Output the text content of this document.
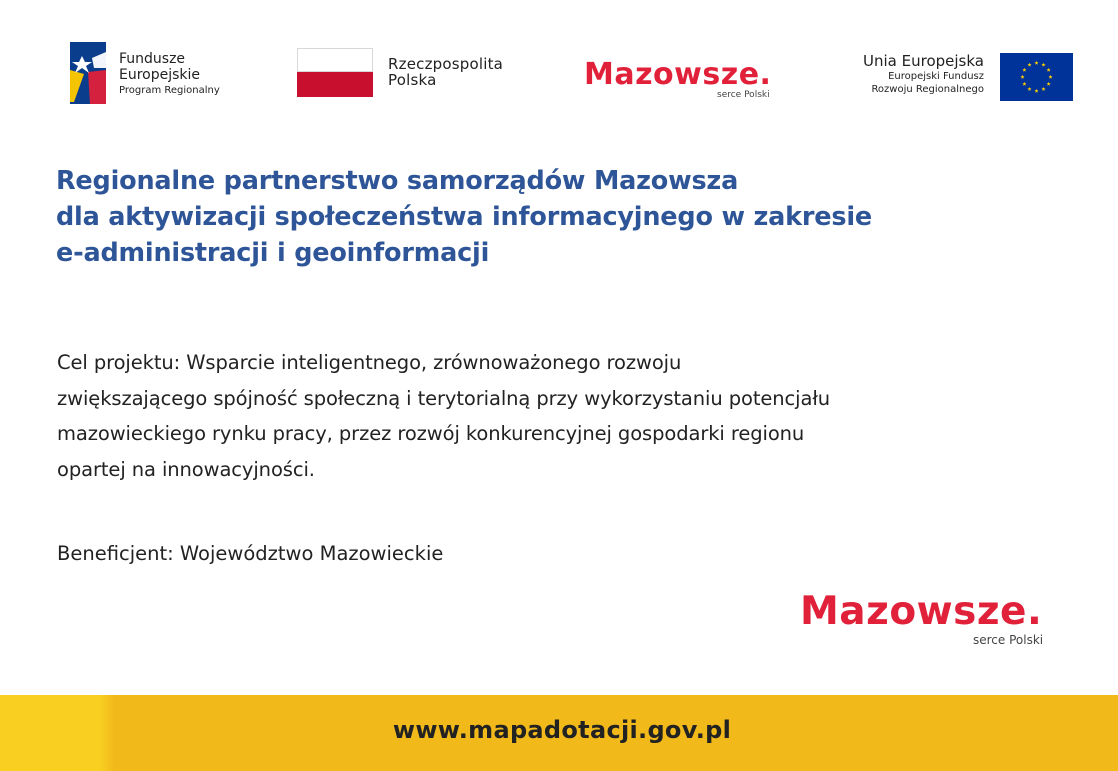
Fundusze
Europejskie
Program Regionalny
Rzeczpospolita
Polska	Mazowsze.
serce Polski
Unia Europejska
Europejski Fundusz
Rozwoju Regionalnego
Regionalne partnerstwo samorządów Mazowsza
dla aktywizacji społeczeństwa informacyjnego w zakresie
e-administracji i geoinformacji
Cel projektu: Wsparcie inteligentnego, zrównoważonego rozwoju
zwiększającego spójność społeczną i terytorialną przy wykorzystaniu potencjału
mazowieckiego rynku pracy, przez rozwój konkurencyjnej gospodarki regionu
opartej na innowacyjności.
Beneficjent: Województwo Mazowieckie
Mazowsze.
serce Polski
www.mapadotacji.gov.pl
